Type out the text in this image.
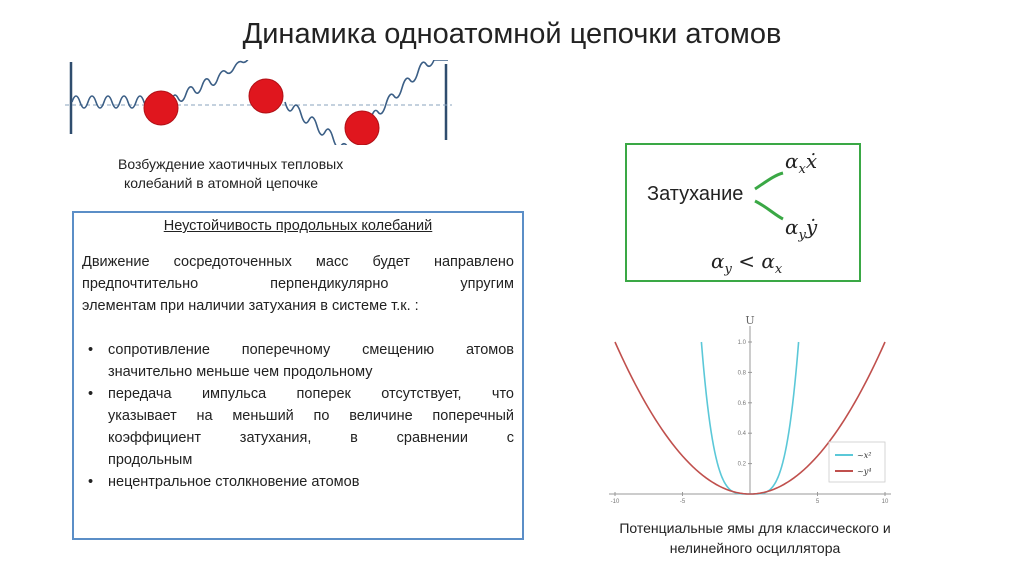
Динамика одноатомной цепочки атомов
Возбуждение хаотичных тепловых
колебаний в атомной цепочке
Неустойчивость продольных колебаний
Движение сосредоточенных масс будет направлено
предпочтительно перпендикулярно упругим
элементам при наличии затухания в системе т.к. :
• сопротивление поперечному смещению атомов
значительно меньше чем продольному
• передача импульса поперек отсутствует, что
указывает на меньший по величине поперечный
коэффициент затухания, в сравнении с
продольным
• нецентральное столкновение атомов
Затухание
$\alpha_xẋ$
$\alpha_yẏ$
$\alpha_y < \alpha_x$
U
-10	-5	5	10
0.2
0.4
0.6
0.8
1.0
~x²
~y⁴
Потенциальные ямы для классического и
нелинейного осциллятора
